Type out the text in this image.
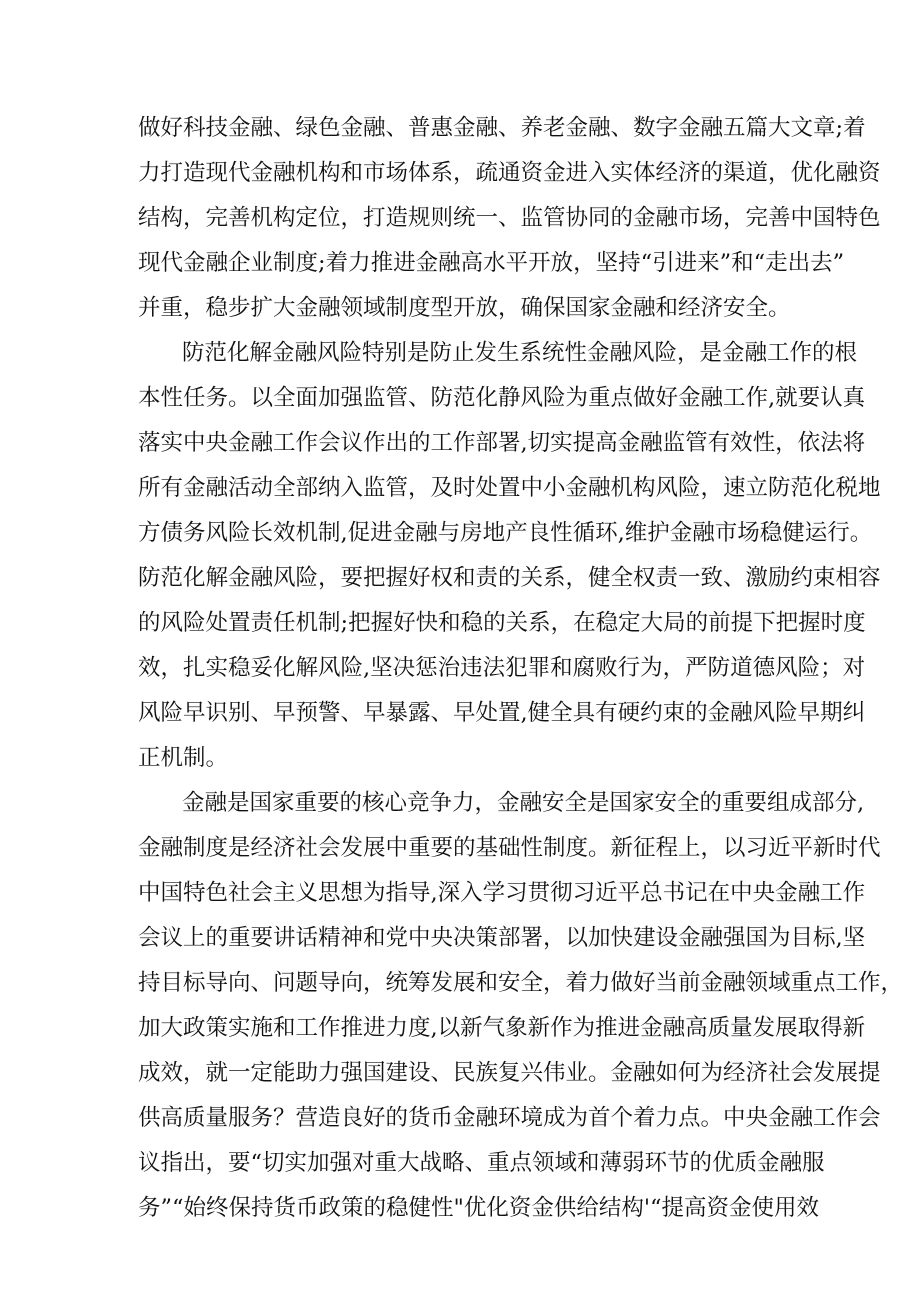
做好科技金融、绿色金融、普惠金融、养老金融、数字金融五篇大文章;着
力打造现代金融机构和市场体系，疏通资金进入实体经济的渠道，优化融资
结构，完善机构定位，打造规则统一、监管协同的金融市场，完善中国特色
现代金融企业制度;着力推进金融高水平开放，坚持“引进来”和“走出去”
并重，稳步扩大金融领域制度型开放，确保国家金融和经济安全。
防范化解金融风险特别是防止发生系统性金融风险，是金融工作的根
本性任务。以全面加强监管、防范化静风险为重点做好金融工作,就要认真
落实中央金融工作会议作出的工作部署,切实提高金融监管有效性，依法将
所有金融活动全部纳入监管，及时处置中小金融机构风险，速立防范化税地
方债务风险长效机制,促进金融与房地产良性循环,维护金融市场稳健运行。
防范化解金融风险，要把握好权和责的关系，健全权责一致、激励约束相容
的风险处置责任机制;把握好快和稳的关系，在稳定大局的前提下把握时度
效，扎实稳妥化解风险,坚决惩治违法犯罪和腐败行为，严防道德风险；对
风险早识别、早预警、早暴露、早处置,健全具有硬约束的金融风险早期纠
正机制。
金融是国家重要的核心竞争力，金融安全是国家安全的重要组成部分,
金融制度是经济社会发展中重要的基础性制度。新征程上，以习近平新时代
中国特色社会主义思想为指导,深入学习贯彻习近平总书记在中央金融工作
会议上的重要讲话精神和党中央决策部署，以加快建设金融强国为目标,坚
持目标导向、问题导向，统筹发展和安全，着力做好当前金融领域重点工作，
加大政策实施和工作推进力度,以新气象新作为推进金融高质量发展取得新
成效，就一定能助力强国建设、民族复兴伟业。金融如何为经济社会发展提
供高质量服务？营造良好的货币金融环境成为首个着力点。中央金融工作会
议指出，要“切实加强对重大战略、重点领域和薄弱环节的优质金融服
务”“始终保持货币政策的稳健性"优化资金供给结构'“提高资金使用效
